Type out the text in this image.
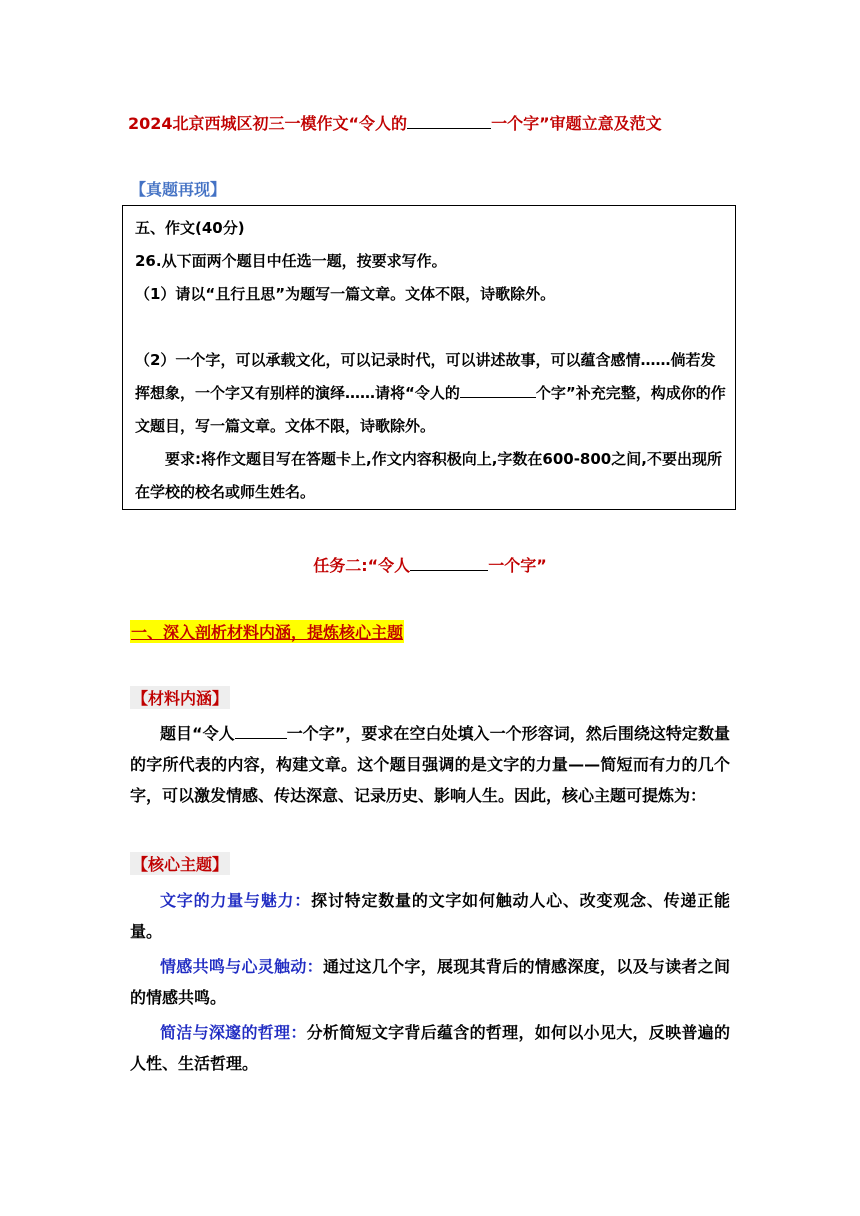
2024北京西城区初三一模作文“令人的	一个字”审题立意及范文
【真题再现】
五、作文(40分)
26.从下面两个题目中任选一题，按要求写作。
（1）请以“且行且思”为题写一篇文章。文体不限，诗歌除外。
（2）一个字，可以承载文化，可以记录时代，可以讲述故事，可以蕴含感情……倘若发挥想象，一个字又有别样的演绎……请将“令人的	个字”补充完整，构成你的作文题目，写一篇文章。文体不限，诗歌除外。
要求:将作文题目写在答题卡上,作文内容积极向上,字数在600-800之间,不要出现所在学校的校名或师生姓名。
任务二:“令人	一个字”
一、深入剖析材料内涵，提炼核心主题
【材料内涵】

题目“令人	一个字”，要求在空白处填入一个形容词，然后围绕这特定数量的字所代表的内容，构建文章。这个题目强调的是文字的力量——简短而有力的几个字，可以激发情感、传达深意、记录历史、影响人生。因此，核心主题可提炼为：

【核心主题】

文字的力量与魅力：探讨特定数量的文字如何触动人心、改变观念、传递正能量。

情感共鸣与心灵触动：通过这几个字，展现其背后的情感深度，以及与读者之间的情感共鸣。

简洁与深邃的哲理：分析简短文字背后蕴含的哲理，如何以小见大，反映普遍的人性、生活哲理。
